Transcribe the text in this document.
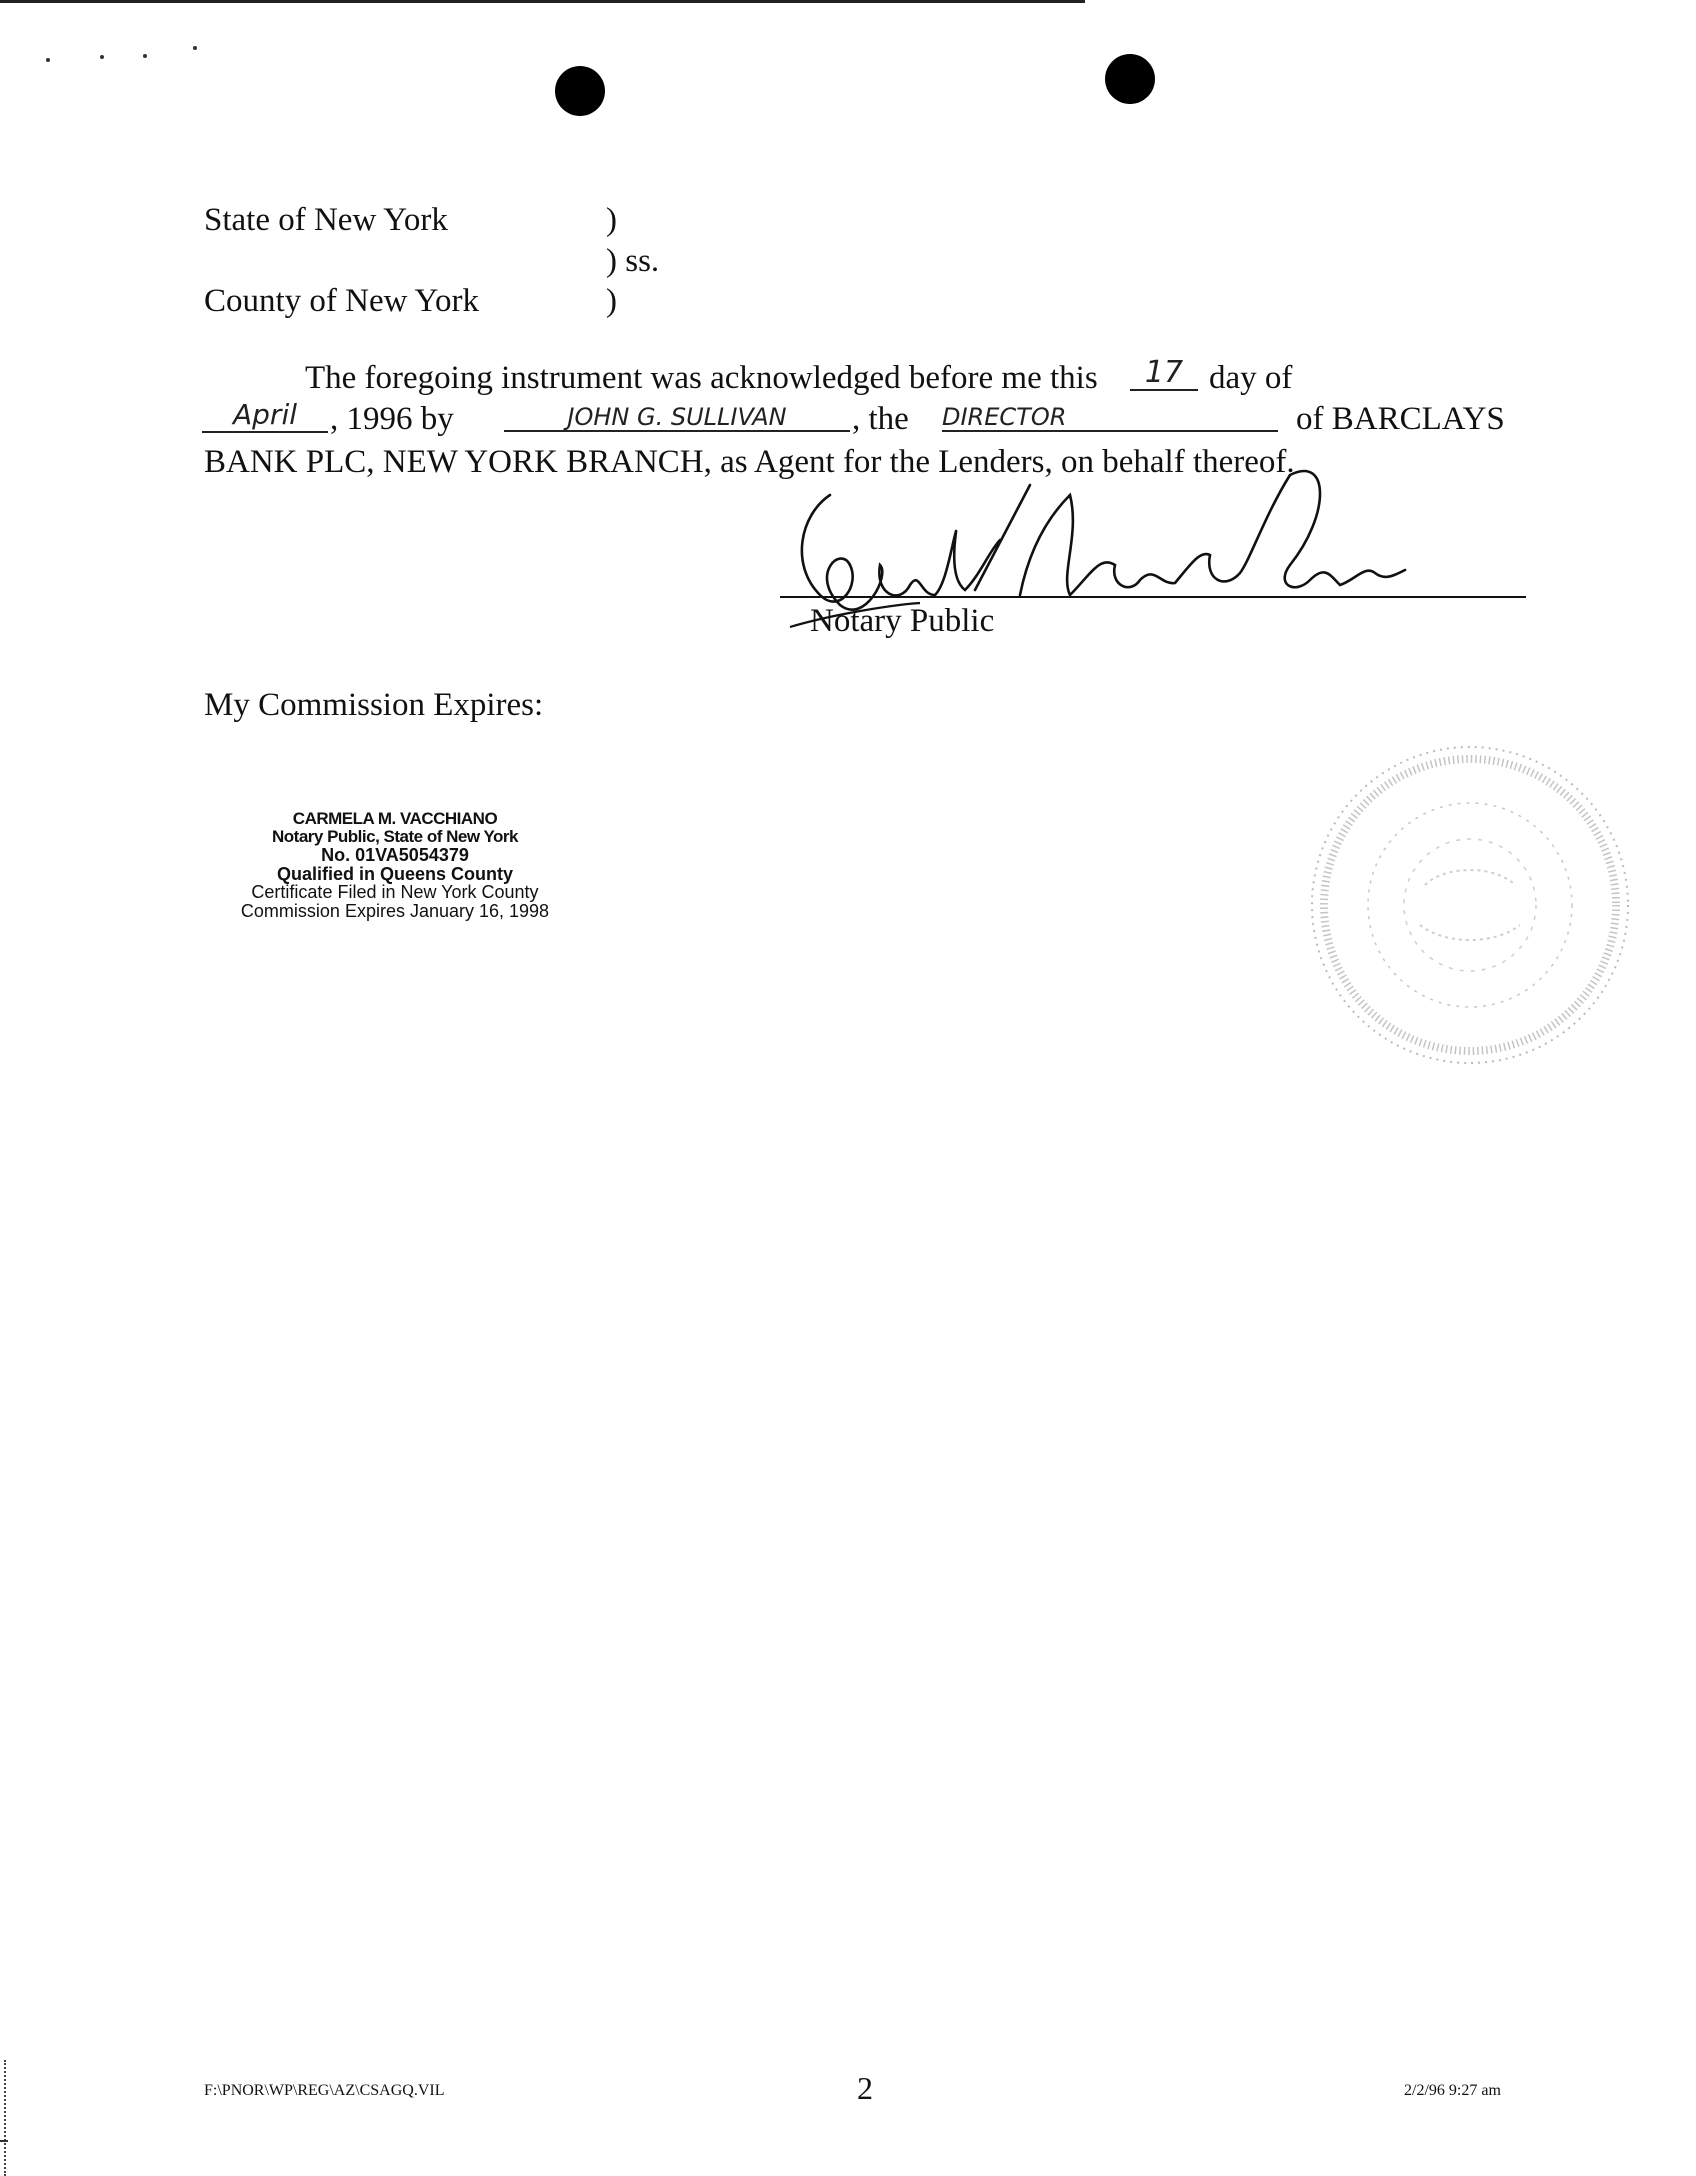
State of New York	)
) ss.
County of New York	)
The foregoing instrument was acknowledged before me this	17 day of
April	, 1996 by	JOHN G. SULLIVAN	, the DIRECTOR	of BARCLAYS
BANK PLC, NEW YORK BRANCH, as Agent for the Lenders, on behalf thereof.
Notary Public
My Commission Expires:
CARMELA M. VACCHIANO
Notary Public, State of New York
No. 01VA5054379
Qualified in Queens County
Certificate Filed in New York County
Commission Expires January 16, 1998
F:\PNOR\WP\REG\AZ\CSAGQ.VIL	2	2/2/96 9:27 am
